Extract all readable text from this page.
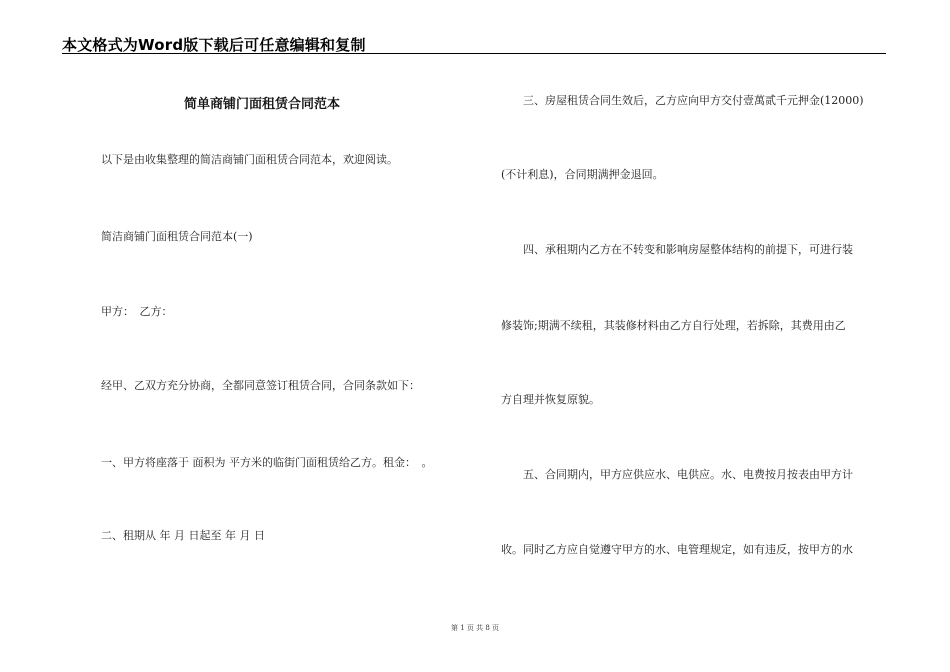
本文格式为Word版下载后可任意编辑和复制
简单商铺门面租赁合同范本
以下是由收集整理的简洁商铺门面租赁合同范本，欢迎阅读。
简洁商铺门面租赁合同范本(一)
甲方：　乙方：
经甲、乙双方充分协商，全都同意签订租赁合同，合同条款如下：
一、甲方将座落于 面积为 平方米的临街门面租赁给乙方。租金：　。
二、租期从 年 月 日起至 年 月 日
　　三、房屋租赁合同生效后，乙方应向甲方交付壹萬贰千元押金(12000)
(不计利息)，合同期满押金退回。
　　四、承租期内乙方在不转变和影响房屋整体结构的前提下，可进行装
修装饰;期满不续租，其装修材料由乙方自行处理，若拆除，其费用由乙
方自理并恢复原貌。
　　五、合同期内，甲方应供应水、电供应。水、电费按月按表由甲方计
收。同时乙方应自觉遵守甲方的水、电管理规定，如有违反，按甲方的水
第 1 页 共 8 页
